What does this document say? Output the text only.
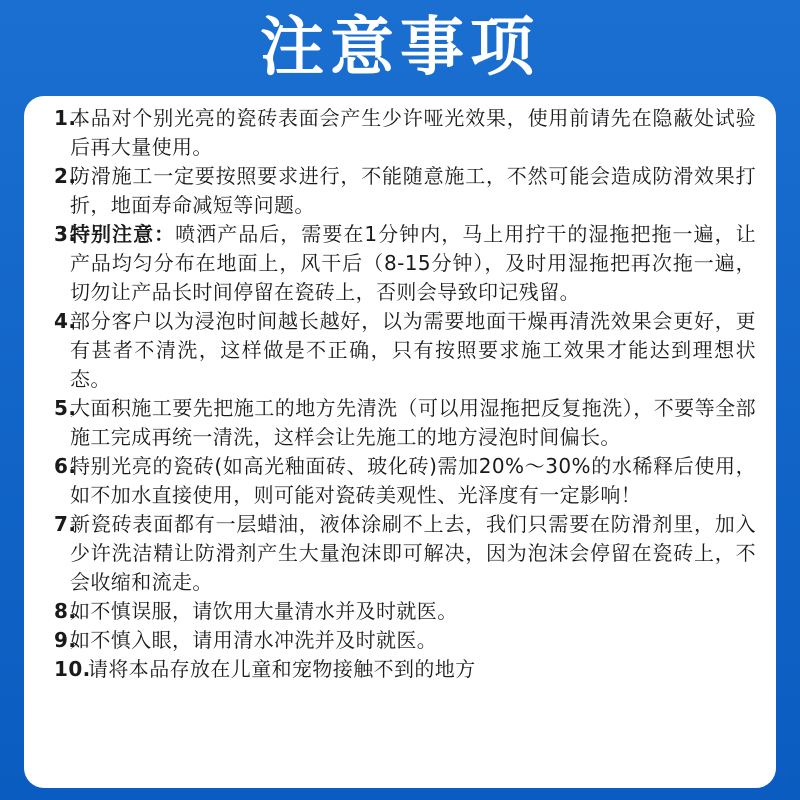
注意事项
1.
本品对个别光亮的瓷砖表面会产生少许哑光效果，使用前请先在隐蔽处试验后再大量使用。
2.
防滑施工一定要按照要求进行，不能随意施工，不然可能会造成防滑效果打折，地面寿命减短等问题。
3.
特别注意：喷洒产品后，需要在1分钟内，马上用拧干的湿拖把拖一遍，让产品均匀分布在地面上，风干后（8-15分钟），及时用湿拖把再次拖一遍，切勿让产品长时间停留在瓷砖上，否则会导致印记残留。
4.
部分客户以为浸泡时间越长越好，以为需要地面干燥再清洗效果会更好，更有甚者不清洗，这样做是不正确，只有按照要求施工效果才能达到理想状态。
5.
大面积施工要先把施工的地方先清洗（可以用湿拖把反复拖洗），不要等全部施工完成再统一清洗，这样会让先施工的地方浸泡时间偏长。
6.
特别光亮的瓷砖(如高光釉面砖、玻化砖)需加20%～30%的水稀释后使用，如不加水直接使用，则可能对瓷砖美观性、光泽度有一定影响！
7.
新瓷砖表面都有一层蜡油，液体涂刷不上去，我们只需要在防滑剂里，加入少许洗洁精让防滑剂产生大量泡沫即可解决，因为泡沫会停留在瓷砖上，不会收缩和流走。
8.
如不慎误服，请饮用大量清水并及时就医。
9.
如不慎入眼，请用清水冲洗并及时就医。
10.
请将本品存放在儿童和宠物接触不到的地方
